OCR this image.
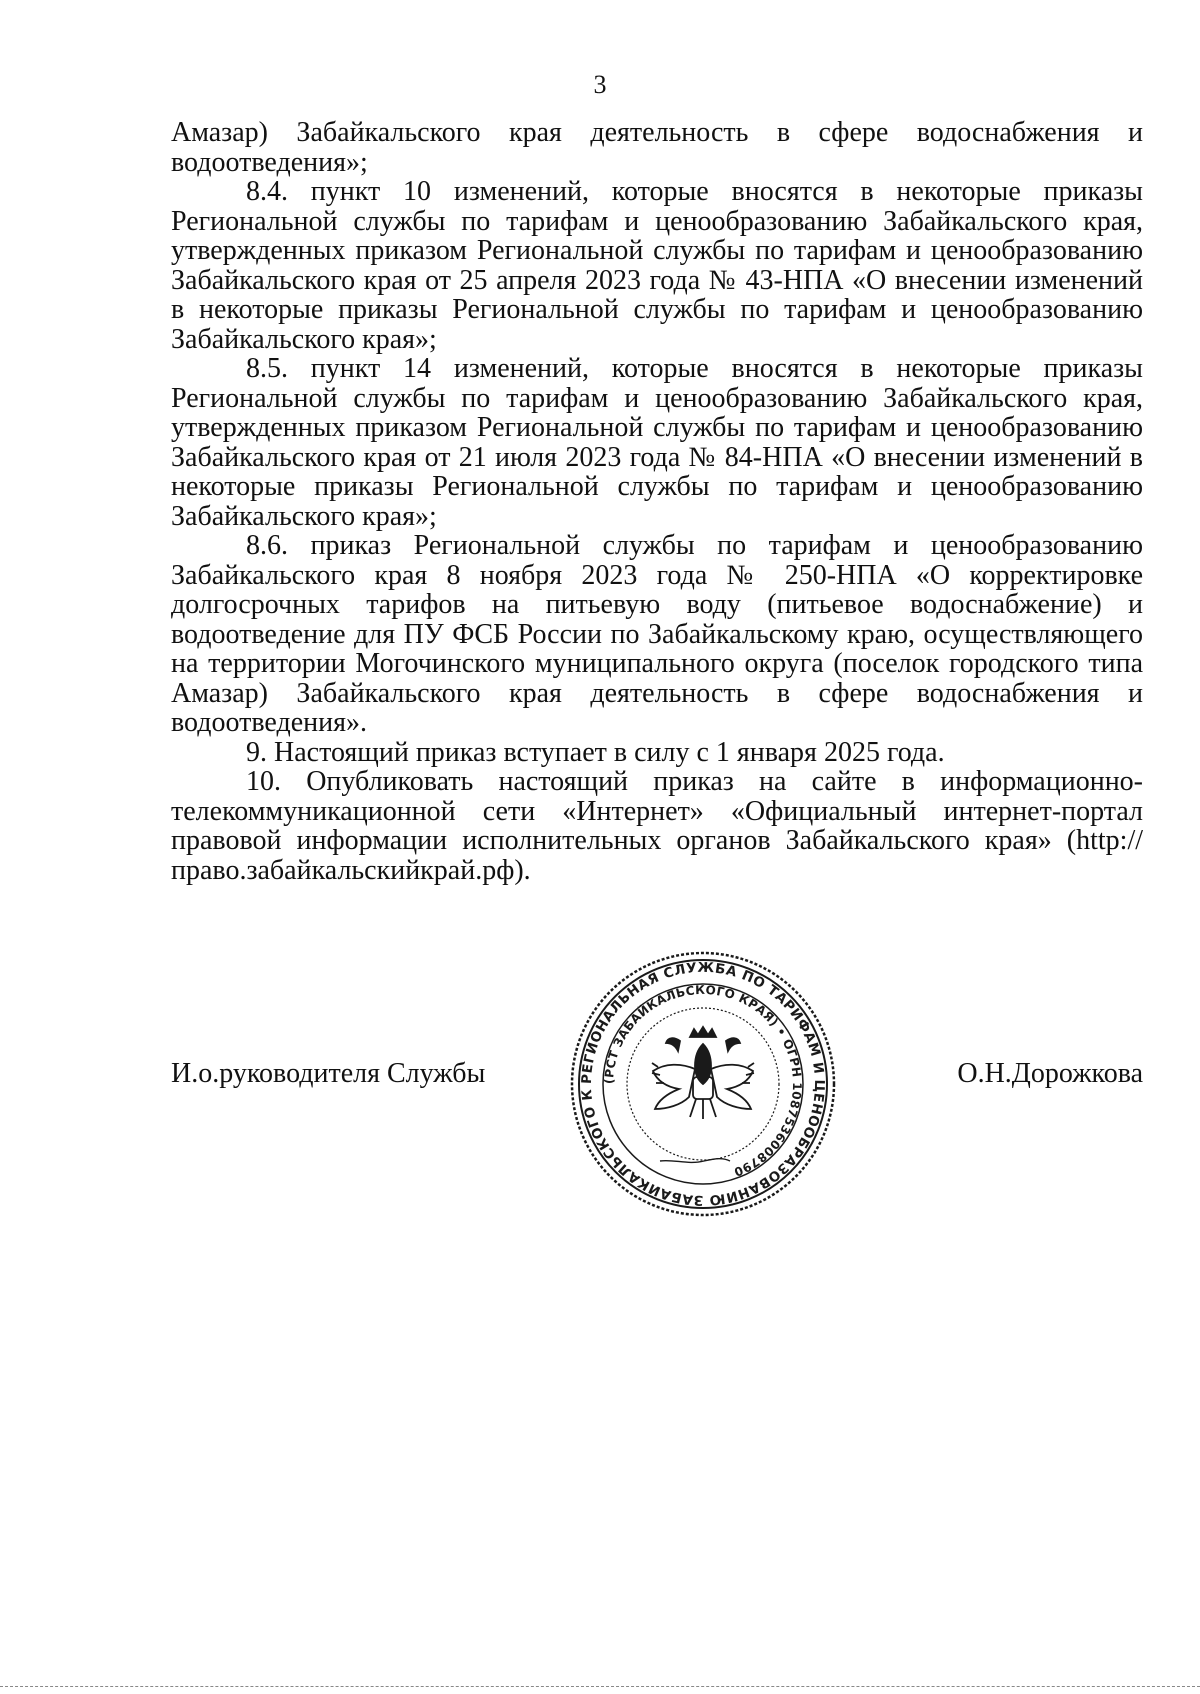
3

Амазар) Забайкальского края деятельность в сфере водоснабжения и водоотведения»;

8.4. пункт 10 изменений, которые вносятся в некоторые приказы Региональной службы по тарифам и ценообразованию Забайкальского края, утвержденных приказом Региональной службы по тарифам и ценообразованию Забайкальского края от 25 апреля 2023 года № 43-НПА «О внесении изменений в некоторые приказы Региональной службы по тарифам и ценообразованию Забайкальского края»;

8.5. пункт 14 изменений, которые вносятся в некоторые приказы Региональной службы по тарифам и ценообразованию Забайкальского края, утвержденных приказом Региональной службы по тарифам и ценообразованию Забайкальского края от 21 июля 2023 года № 84-НПА «О внесении изменений в некоторые приказы Региональной службы по тарифам и ценообразованию Забайкальского края»;

8.6. приказ Региональной службы по тарифам и ценообразованию Забайкальского края 8 ноября 2023 года № 250-НПА «О корректировке долгосрочных тарифов на питьевую воду (питьевое водоснабжение) и водоотведение для ПУ ФСБ России по Забайкальскому краю, осуществляющего на территории Могочинского муниципального округа (поселок городского типа Амазар) Забайкальского края деятельность в сфере водоснабжения и водоотведения».

9. Настоящий приказ вступает в силу с 1 января 2025 года.

10. Опубликовать настоящий приказ на сайте в информационно-телекоммуникационной сети «Интернет» «Официальный интернет-портал правовой информации исполнительных органов Забайкальского края» (http://право.забайкальскийкрай.рф).

И.о.руководителя Службы	О.Н.Дорожкова
РЕГИОНАЛЬНАЯ СЛУЖБА ПО ТАРИФАМ И ЦЕНООБРАЗОВАНИЮ ЗАБАЙКАЛЬСКОГО К
(РСТ ЗАБАЙКАЛЬСКОГО КРАЯ) • ОГРН 1087536008790
